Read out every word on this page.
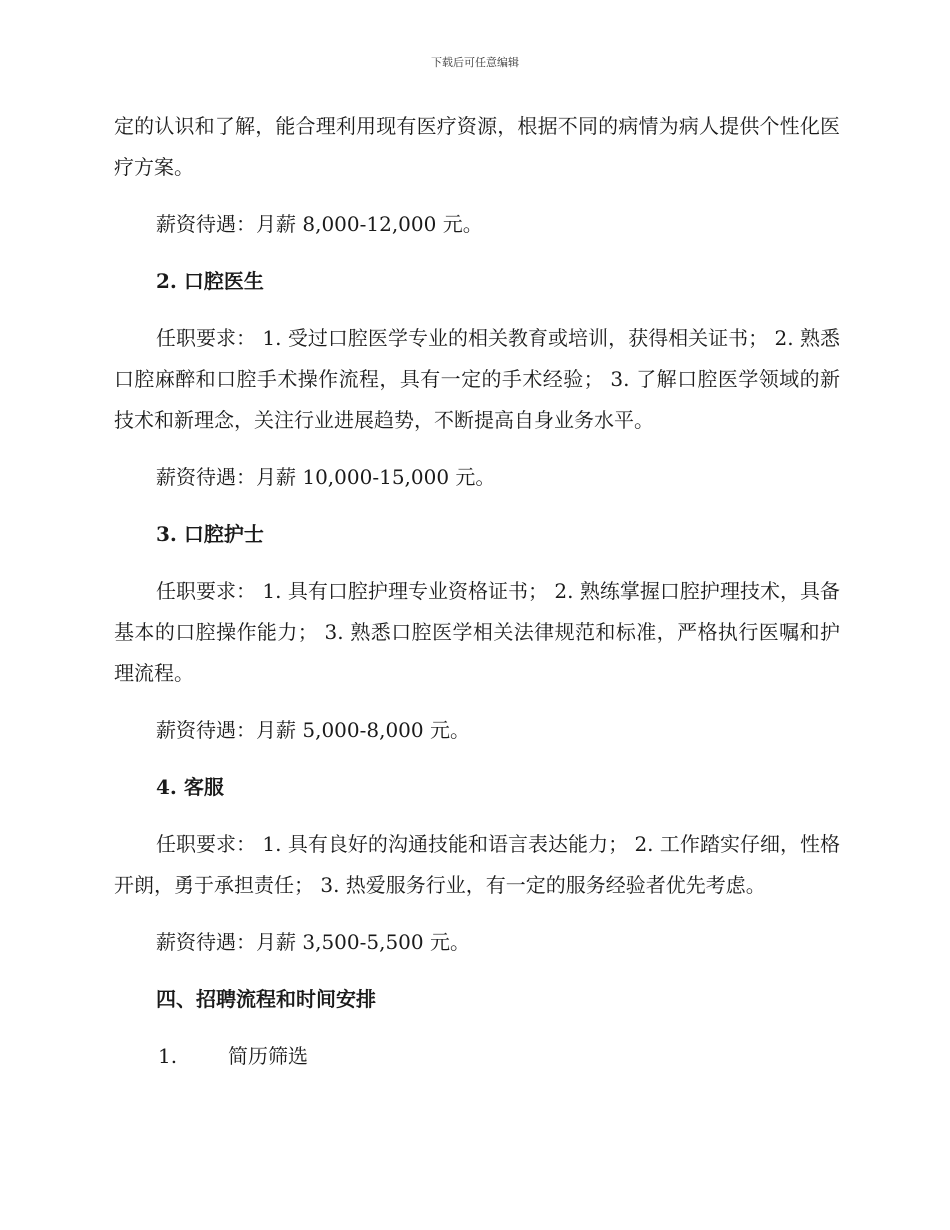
下载后可任意编辑

定的认识和了解，能合理利用现有医疗资源，根据不同的病情为病人提供个性化医疗方案。

薪资待遇：月薪 8,000-12,000 元。

2. 口腔医生

任职要求： 1. 受过口腔医学专业的相关教育或培训，获得相关证书； 2. 熟悉口腔麻醉和口腔手术操作流程，具有一定的手术经验； 3. 了解口腔医学领域的新技术和新理念，关注行业进展趋势，不断提高自身业务水平。

薪资待遇：月薪 10,000-15,000 元。

3. 口腔护士

任职要求： 1. 具有口腔护理专业资格证书； 2. 熟练掌握口腔护理技术，具备基本的口腔操作能力； 3. 熟悉口腔医学相关法律规范和标准，严格执行医嘱和护理流程。

薪资待遇：月薪 5,000-8,000 元。

4. 客服

任职要求： 1. 具有良好的沟通技能和语言表达能力； 2. 工作踏实仔细，性格开朗，勇于承担责任； 3. 热爱服务行业，有一定的服务经验者优先考虑。

薪资待遇：月薪 3,500-5,500 元。

四、招聘流程和时间安排
1.	简历筛选
